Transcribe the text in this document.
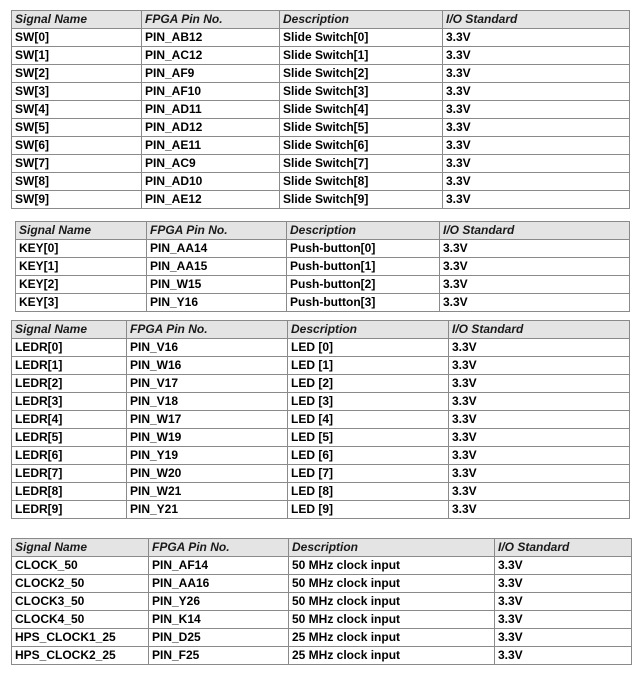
Signal Name	FPGA Pin No.	Description	I/O Standard
SW[0]	PIN_AB12	Slide Switch[0]	3.3V
SW[1]	PIN_AC12	Slide Switch[1]	3.3V
SW[2]	PIN_AF9	Slide Switch[2]	3.3V
SW[3]	PIN_AF10	Slide Switch[3]	3.3V
SW[4]	PIN_AD11	Slide Switch[4]	3.3V
SW[5]	PIN_AD12	Slide Switch[5]	3.3V
SW[6]	PIN_AE11	Slide Switch[6]	3.3V
SW[7]	PIN_AC9	Slide Switch[7]	3.3V
SW[8]	PIN_AD10	Slide Switch[8]	3.3V
SW[9]	PIN_AE12	Slide Switch[9]	3.3V
Signal Name	FPGA Pin No.	Description	I/O Standard
KEY[0]	PIN_AA14	Push-button[0]	3.3V
KEY[1]	PIN_AA15	Push-button[1]	3.3V
KEY[2]	PIN_W15	Push-button[2]	3.3V
KEY[3]	PIN_Y16	Push-button[3]	3.3V
Signal Name	FPGA Pin No.	Description	I/O Standard
LEDR[0]	PIN_V16	LED [0]	3.3V
LEDR[1]	PIN_W16	LED [1]	3.3V
LEDR[2]	PIN_V17	LED [2]	3.3V
LEDR[3]	PIN_V18	LED [3]	3.3V
LEDR[4]	PIN_W17	LED [4]	3.3V
LEDR[5]	PIN_W19	LED [5]	3.3V
LEDR[6]	PIN_Y19	LED [6]	3.3V
LEDR[7]	PIN_W20	LED [7]	3.3V
LEDR[8]	PIN_W21	LED [8]	3.3V
LEDR[9]	PIN_Y21	LED [9]	3.3V
Signal Name	FPGA Pin No.	Description	I/O Standard
CLOCK_50	PIN_AF14	50 MHz clock input	3.3V
CLOCK2_50	PIN_AA16	50 MHz clock input	3.3V
CLOCK3_50	PIN_Y26	50 MHz clock input	3.3V
CLOCK4_50	PIN_K14	50 MHz clock input	3.3V
HPS_CLOCK1_25	PIN_D25	25 MHz clock input	3.3V
HPS_CLOCK2_25	PIN_F25	25 MHz clock input	3.3V
